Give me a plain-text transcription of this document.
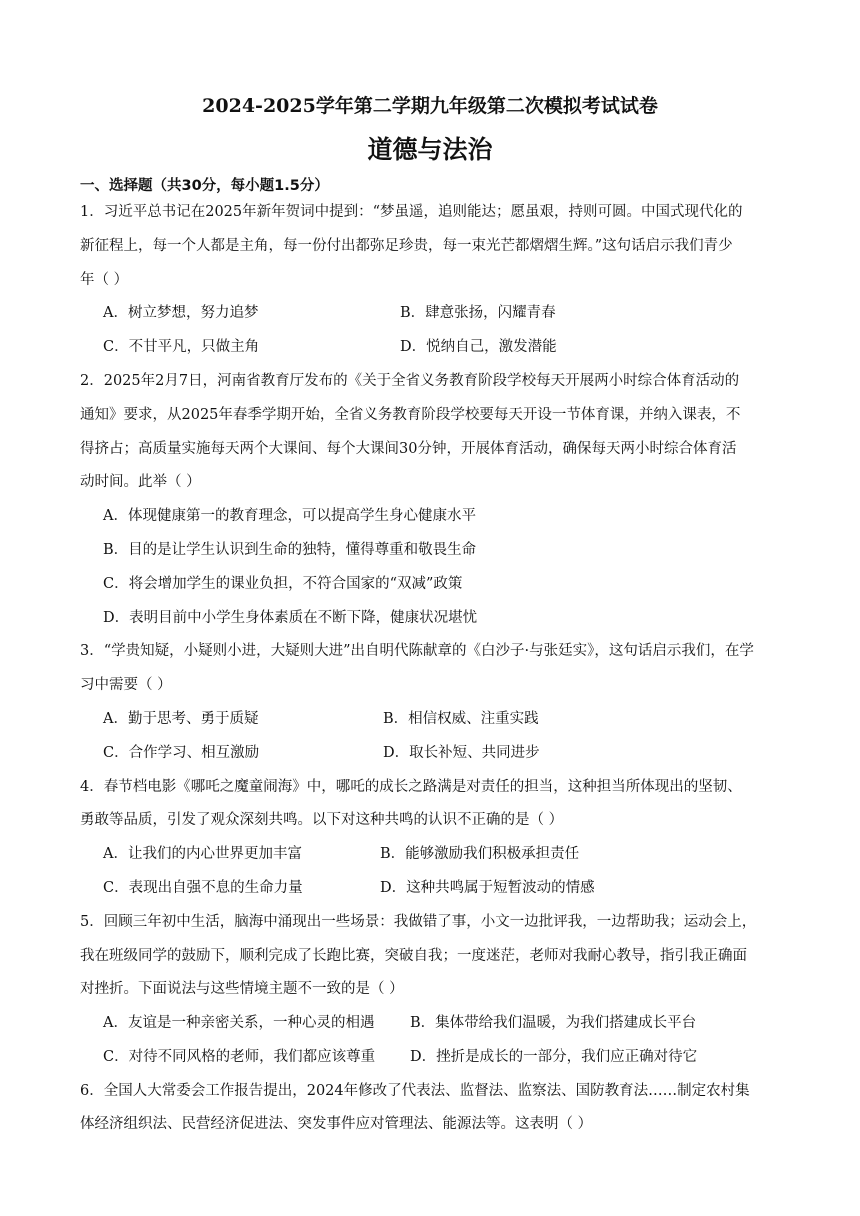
2024-2025学年第二学期九年级第二次模拟考试试卷
道德与法治
一、选择题（共30分，每小题1.5分）
1．习近平总书记在2025年新年贺词中提到：“梦虽遥，追则能达；愿虽艰，持则可圆。中国式现代化的
新征程上，每一个人都是主角，每一份付出都弥足珍贵，每一束光芒都熠熠生辉。”这句话启示我们青少
年（ ）
A．树立梦想，努力追梦	B．肆意张扬，闪耀青春
C．不甘平凡，只做主角	D．悦纳自己，激发潜能
2．2025年2月7日，河南省教育厅发布的《关于全省义务教育阶段学校每天开展两小时综合体育活动的
通知》要求，从2025年春季学期开始，全省义务教育阶段学校要每天开设一节体育课，并纳入课表，不
得挤占；高质量实施每天两个大课间、每个大课间30分钟，开展体育活动，确保每天两小时综合体育活
动时间。此举（ ）
A．体现健康第一的教育理念，可以提高学生身心健康水平
B．目的是让学生认识到生命的独特，懂得尊重和敬畏生命
C．将会增加学生的课业负担，不符合国家的“双减”政策
D．表明目前中小学生身体素质在不断下降，健康状况堪忧
3．“学贵知疑，小疑则小进，大疑则大进”出自明代陈献章的《白沙子·与张廷实》，这句话启示我们，在学
习中需要（ ）
A．勤于思考、勇于质疑	B．相信权威、注重实践
C．合作学习、相互激励	D．取长补短、共同进步
4．春节档电影《哪吒之魔童闹海》中，哪吒的成长之路满是对责任的担当，这种担当所体现出的坚韧、
勇敢等品质，引发了观众深刻共鸣。以下对这种共鸣的认识不正确的是（ ）
A．让我们的内心世界更加丰富	B．能够激励我们积极承担责任
C．表现出自强不息的生命力量	D．这种共鸣属于短暂波动的情感
5．回顾三年初中生活，脑海中涌现出一些场景：我做错了事，小文一边批评我，一边帮助我；运动会上，
我在班级同学的鼓励下，顺利完成了长跑比赛，突破自我；一度迷茫，老师对我耐心教导，指引我正确面
对挫折。下面说法与这些情境主题不一致的是（ ）
A．友谊是一种亲密关系，一种心灵的相遇 B．集体带给我们温暖，为我们搭建成长平台
C．对待不同风格的老师，我们都应该尊重 D．挫折是成长的一部分，我们应正确对待它
6．全国人大常委会工作报告提出，2024年修改了代表法、监督法、监察法、国防教育法……制定农村集
体经济组织法、民营经济促进法、突发事件应对管理法、能源法等。这表明（ ）
